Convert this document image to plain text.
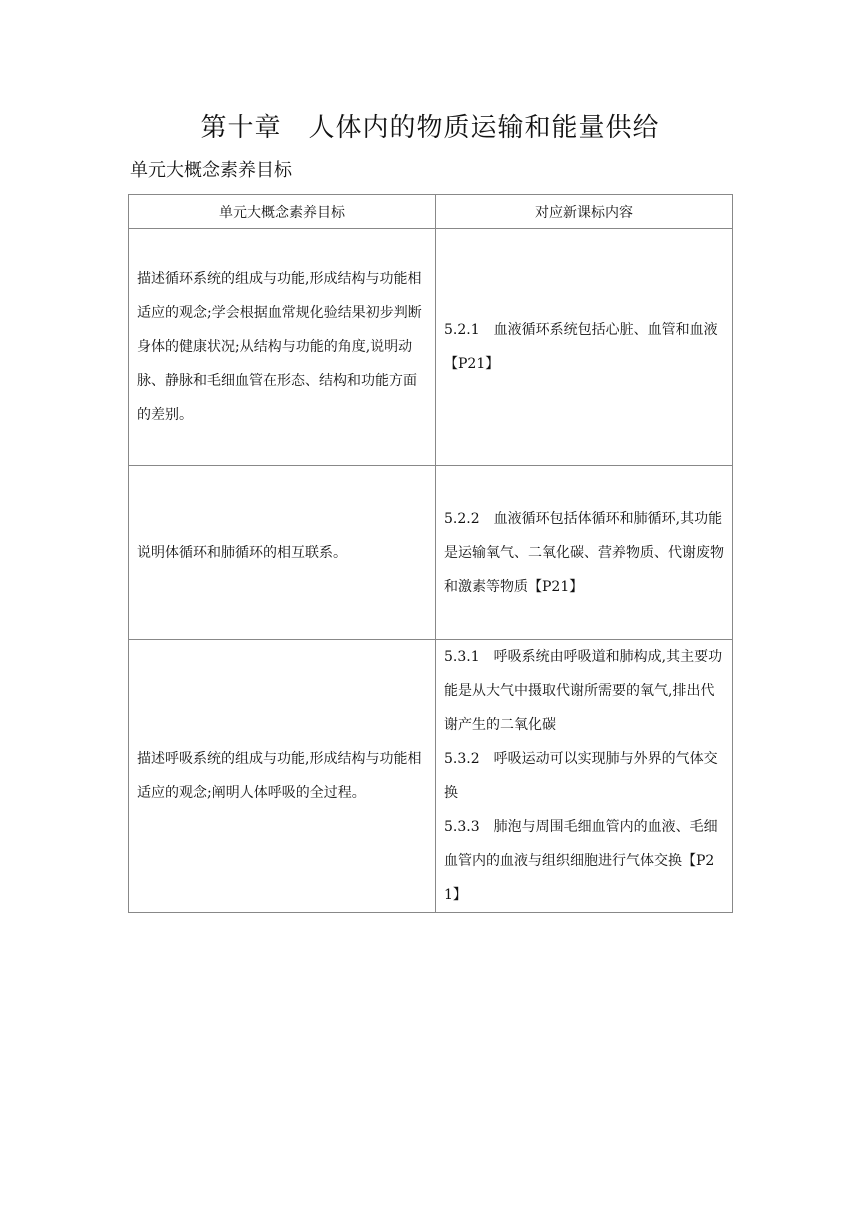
第十章　人体内的物质运输和能量供给
单元大概念素养目标
单元大概念素养目标	对应新课标内容

描述循环系统的组成与功能,形成结构与功能相适应的观念;学会根据血常规化验结果初步判断身体的健康状况;从结构与功能的角度,说明动脉、静脉和毛细血管在形态、结构和功能方面的差别。	5.2.1　血液循环系统包括心脏、血管和血液【P21】

说明体循环和肺循环的相互联系。	5.2.2　血液循环包括体循环和肺循环,其功能是运输氧气、二氧化碳、营养物质、代谢废物和激素等物质【P21】

描述呼吸系统的组成与功能,形成结构与功能相适应的观念;阐明人体呼吸的全过程。	5.3.1　呼吸系统由呼吸道和肺构成,其主要功能是从大气中摄取代谢所需要的氧气,排出代谢产生的二氧化碳
5.3.2　呼吸运动可以实现肺与外界的气体交换
5.3.3　肺泡与周围毛细血管内的血液、毛细血管内的血液与组织细胞进行气体交换【P21】
